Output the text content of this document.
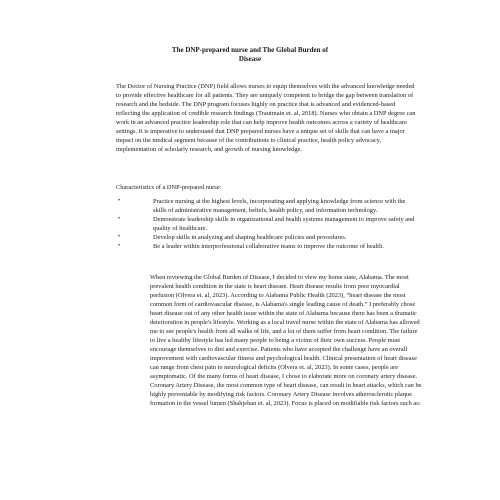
The DNP-prepared nurse and The Global Burden of
Disease

The Doctor of Nursing Practice (DNP) field allows nurses to equip themselves with the advanced knowledge needed to provide effective healthcare for all patients. They are uniquely competent to bridge the gap between translation of research and the bedside. The DNP program focuses highly on practice that is advanced and evidenced-based reflecting the application of credible research findings (Trautmain et. al, 2018). Nurses who obtain a DNP degree can work in an advanced practice leadership role that can help improve health outcomes across a variety of healthcare settings. It is imperative to understand that DNP prepared nurses have a unique set of skills that can have a major impact on the medical segment because of the contributions to clinical practice, health policy advocacy, implementation of scholarly research, and growth of nursing knowledge.

Characteristics of a DNP-prepared nurse:
• Practice nursing at the highest levels, incorporating and applying knowledge from science with the skills of administrative management, beliefs, health policy, and information technology.
• Demonstrate leadership skills in organizational and health systems management to improve safety and quality of healthcare.
• Develop skills in analyzing and shaping healthcare policies and procedures.
• Be a leader within interprofessional collaborative teams to improve the outcome of health.

When reviewing the Global Burden of Disease, I decided to view my home state, Alabama. The most prevalent health condition in the state is heart disease. Heart disease results from poor myocardial perfusion (Olvera et. al, 2023). According to Alabama Public Health (2023), “heart disease the most common form of cardiovascular disease, is Alabama's single leading cause of death.” I preferably chose heart disease out of any other health issue within the state of Alabama because there has been a dramatic deterioration in people's lifestyle. Working as a local travel nurse within the state of Alabama has allowed me to see people's health from all walks of life, and a lot of them suffer from heart condition. The failure to live a healthy lifestyle has led many people to being a victim of their own success. People must encourage themselves to diet and exercise. Patients who have accepted the challenge have an overall improvement with cardiovascular fitness and psychological health. Clinical presentation of heart disease can range from chest pain to neurological deficits (Olvera et. al, 2023). In some cases, people are asymptomatic. Of the many forms of heart disease, I chose to elaborate more on coronary artery disease. Coronary Artery Disease, the most common type of heart disease, can result in heart attacks, which can be highly preventable by modifying risk factors. Coronary Artery Disease involves atherosclerotic plaque formation in the vessel lumen (Shahjehan et. al, 2023). Focus is placed on modifiable risk factors such as:
